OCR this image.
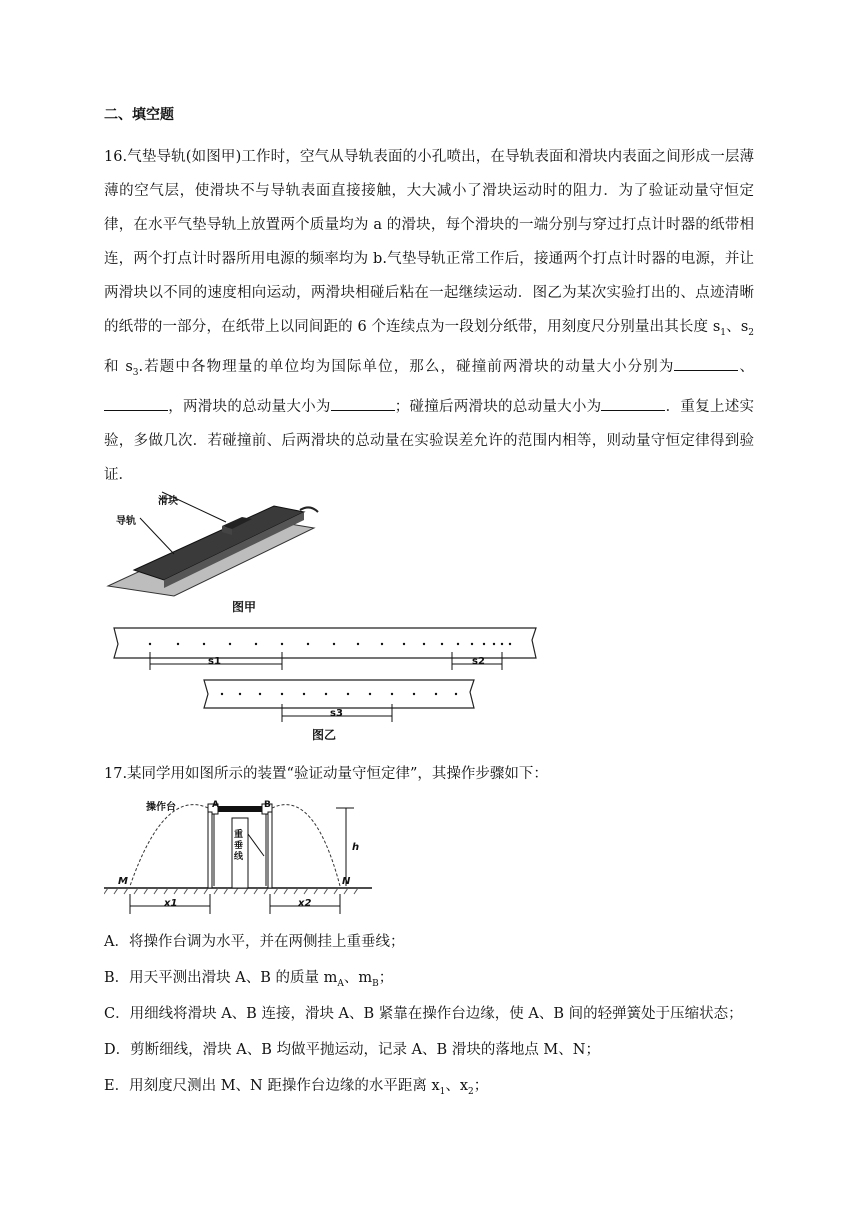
二、填空题
16.气垫导轨(如图甲)工作时，空气从导轨表面的小孔喷出，在导轨表面和滑块内表面之间形成一层薄薄的空气层，使滑块不与导轨表面直接接触，大大减小了滑块运动时的阻力．为了验证动量守恒定律，在水平气垫导轨上放置两个质量均为 a 的滑块，每个滑块的一端分别与穿过打点计时器的纸带相连，两个打点计时器所用电源的频率均为 b.气垫导轨正常工作后，接通两个打点计时器的电源，并让两滑块以不同的速度相向运动，两滑块相碰后粘在一起继续运动．图乙为某次实验打出的、点迹清晰的纸带的一部分，在纸带上以同间距的 6 个连续点为一段划分纸带，用刻度尺分别量出其长度 $s_1$、$s_2$ 和 $s_3$.若题中各物理量的单位均为国际单位，那么，碰撞前两滑块的动量大小分别为	、，两滑块的总动量大小为	；碰撞后两滑块的总动量大小为	．重复上述实验，多做几次．若碰撞前、后两滑块的总动量在实验误差允许的范围内相等，则动量守恒定律得到验证．
滑块
导轨
图甲
s1	s2
s3
图乙
17.某同学用如图所示的装置“验证动量守恒定律”，其操作步骤如下：
操作台	A	B
重垂线
h
M	N
x1	x2
A．将操作台调为水平，并在两侧挂上重垂线；
B．用天平测出滑块 A、B 的质量 $m_A$、$m_B$；
C．用细线将滑块 A、B 连接，滑块 A、B 紧靠在操作台边缘，使 A、B 间的轻弹簧处于压缩状态；
D．剪断细线，滑块 A、B 均做平抛运动，记录 A、B 滑块的落地点 M、N；
E．用刻度尺测出 M、N 距操作台边缘的水平距离 $x_1$、$x_2$；
